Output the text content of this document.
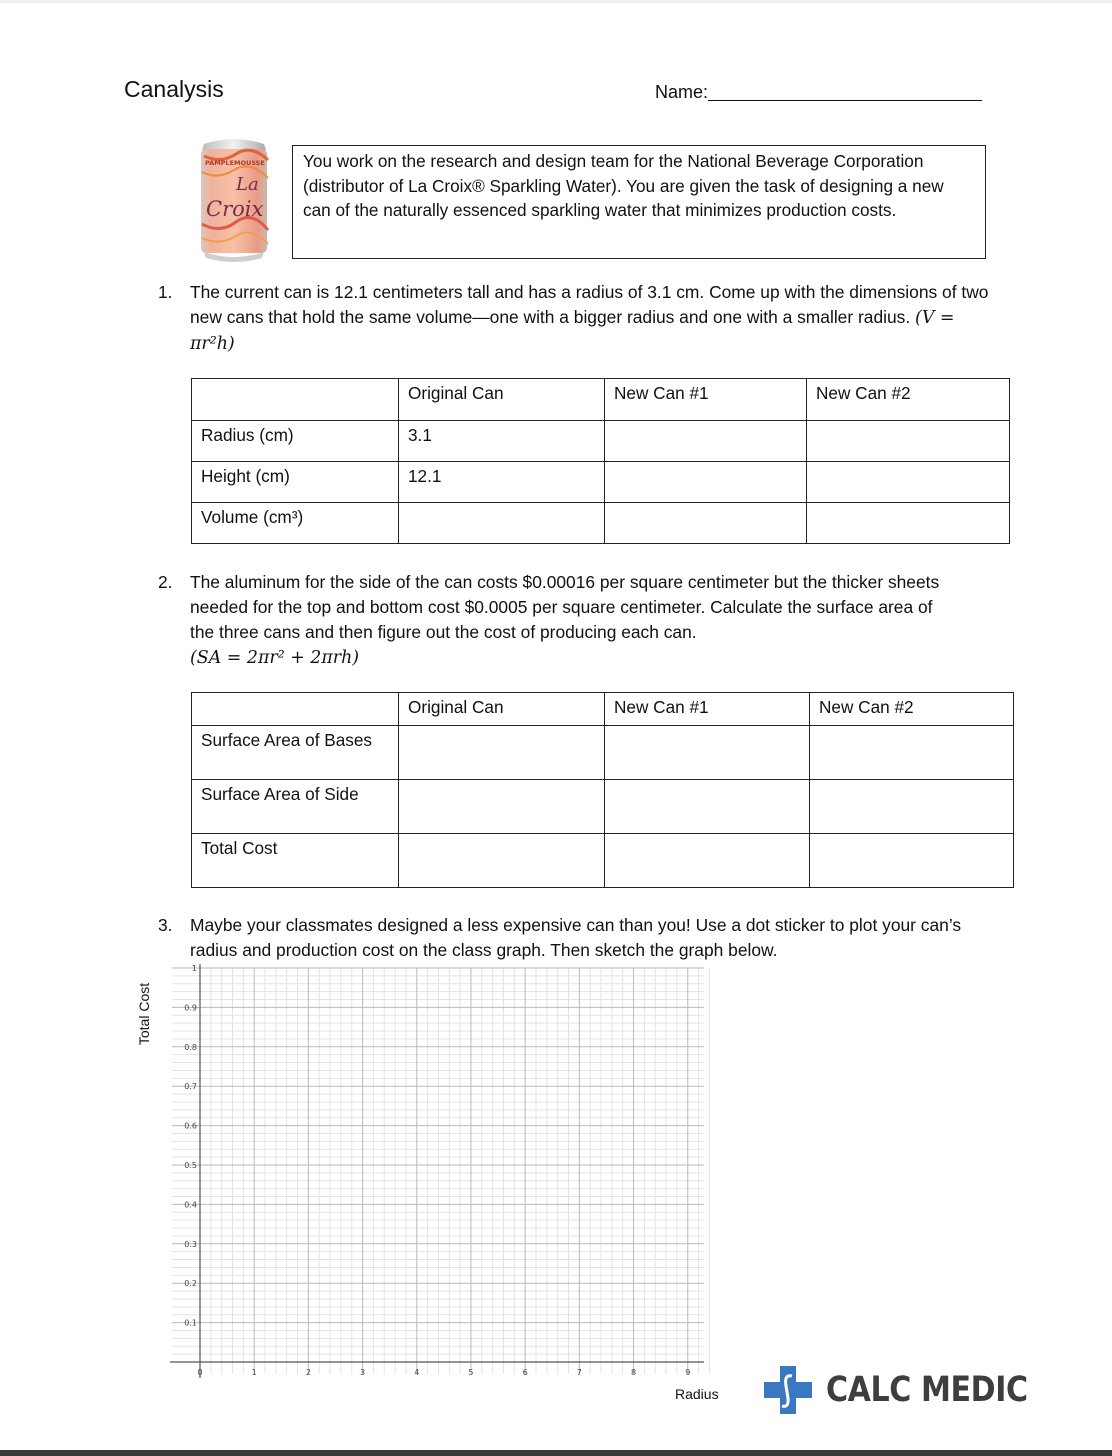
Canalysis	Name:
PAMPLEMOUSSE
La
Croix
You work on the research and design team for the National Beverage Corporation (distributor of La Croix® Sparkling Water). You are given the task of designing a new can of the naturally essenced sparkling water that minimizes production costs.
1. The current can is 12.1 centimeters tall and has a radius of 3.1 cm. Come up with the dimensions of two new cans that hold the same volume—one with a bigger radius and one with a smaller radius. (V = πr²h)
	Original Can	New Can #1	New Can #2
Radius (cm)	3.1		
Height (cm)	12.1		
Volume (cm³)			
2. The aluminum for the side of the can costs $0.00016 per square centimeter but the thicker sheets needed for the top and bottom cost $0.0005 per square centimeter. Calculate the surface area of the three cans and then figure out the cost of producing each can.
(SA = 2πr² + 2πrh)
	Original Can	New Can #1	New Can #2
Surface Area of Bases			
Surface Area of Side			
Total Cost			
3. Maybe your classmates designed a less expensive can than you! Use a dot sticker to plot your can’s radius and production cost on the class graph. Then sketch the graph below.
Total Cost
0	1	2	3	4	5	6	7	8	9
0.1
0.2
0.3
0.4
0.5
0.6
0.7
0.8
0.9
1
Radius	CALC MEDIC
